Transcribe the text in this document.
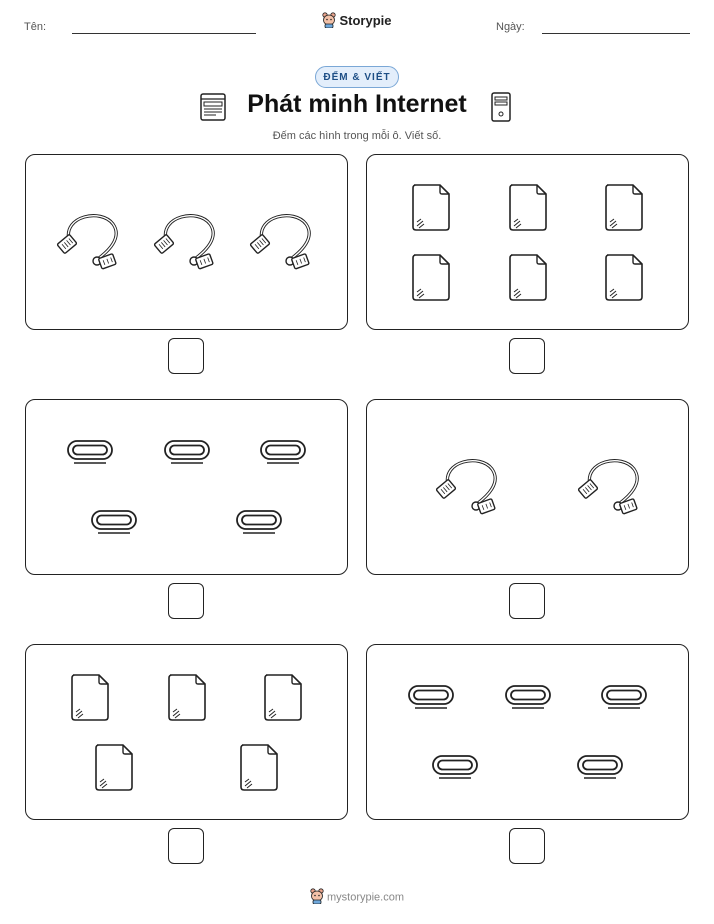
Tên:	Storypie	Ngày:
ĐẾM & VIẾT
Phát minh Internet
Đếm các hình trong mỗi ô. Viết số.
mystorypie.com
